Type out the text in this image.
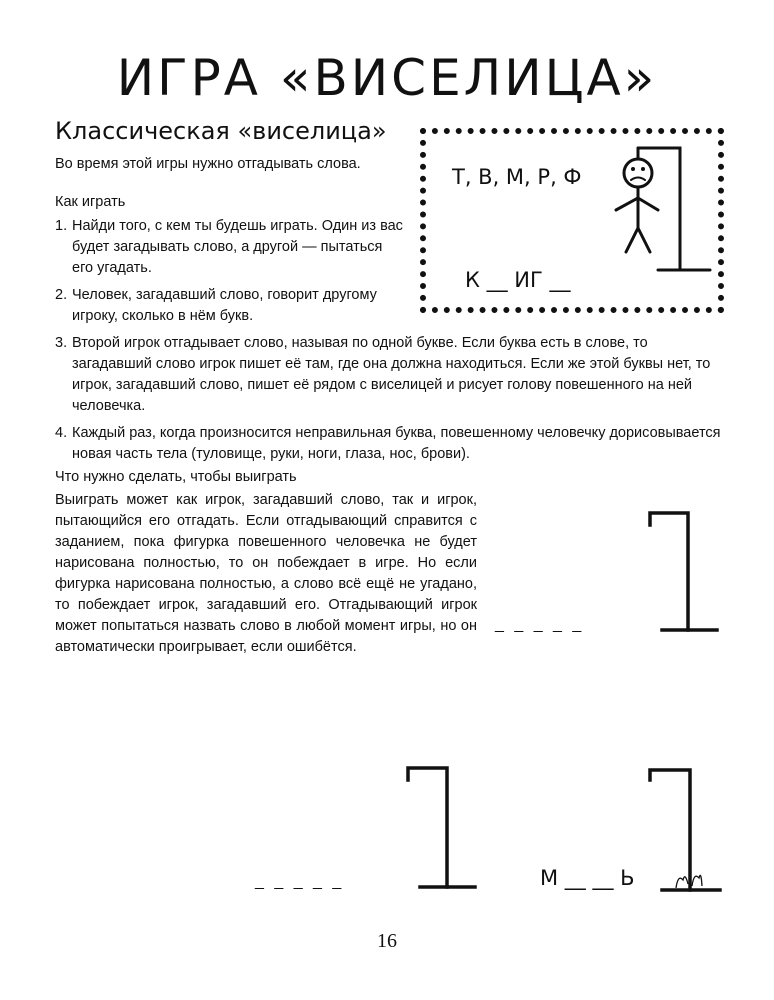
ИГРА «ВИСЕЛИЦА»
Классическая «виселица»
Во время этой игры нужно отгадывать слова.
Как играть
1. Найди того, с кем ты будешь играть. Один из вас будет загадывать слово, а другой — пытаться его угадать.
2. Человек, загадавший слово, говорит другому игроку, сколько в нём букв.
3. Второй игрок отгадывает слово, называя по одной букве. Если буква есть в слове, то загадавший слово игрок пишет её там, где она должна находиться. Если же этой буквы нет, то игрок, загадавший слово, пишет её рядом с виселицей и рисует голову повешенного на ней человечка.
4. Каждый раз, когда произносится неправильная буква, повешенному человечку дорисовывается новая часть тела (туловище, руки, ноги, глаза, нос, брови).
Что нужно сделать, чтобы выиграть
Выиграть может как игрок, загадавший слово, так и игрок, пытающийся его отгадать. Если отгадывающий справится с заданием, пока фигурка повешенного человечка не будет нарисована полностью, то он побеждает в игре. Но если фигурка нарисована полностью, а слово всё ещё не угадано, то побеждает игрок, загадавший его. Отгадывающий игрок может попытаться назвать слово в любой момент игры, но он автоматически проигрывает, если ошибётся.
Т, В, М, Р, Ф
К __ ИГ __
_ _ _ _ _
_ _ _ _ _	М __ __ Ь
16
